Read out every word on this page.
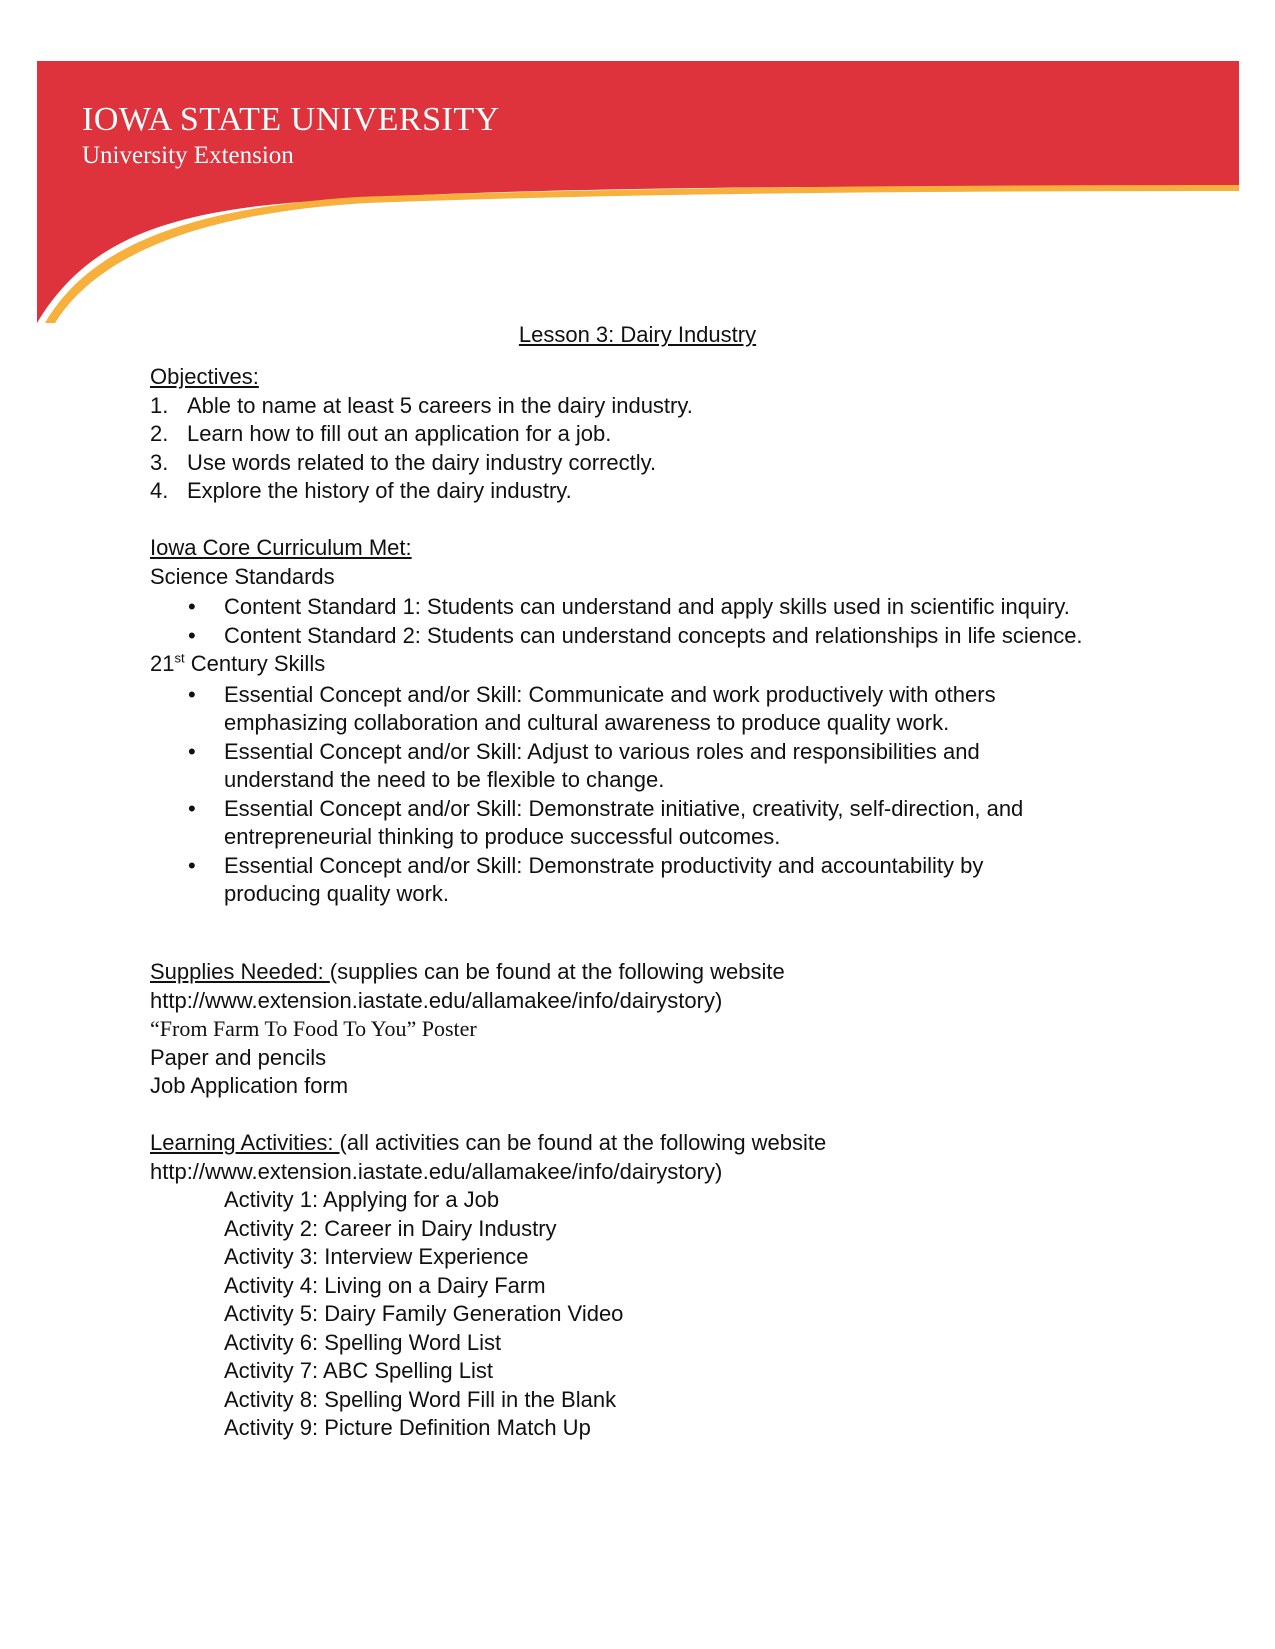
IOWA STATE UNIVERSITY
University Extension
Lesson 3: Dairy Industry
Objectives:
1. Able to name at least 5 careers in the dairy industry.
2. Learn how to fill out an application for a job.
3. Use words related to the dairy industry correctly.
4. Explore the history of the dairy industry.
Iowa Core Curriculum Met:
Science Standards
• Content Standard 1: Students can understand and apply skills used in scientific inquiry.
• Content Standard 2: Students can understand concepts and relationships in life science.
21st Century Skills
• Essential Concept and/or Skill: Communicate and work productively with others
emphasizing collaboration and cultural awareness to produce quality work.
• Essential Concept and/or Skill: Adjust to various roles and responsibilities and
understand the need to be flexible to change.
• Essential Concept and/or Skill: Demonstrate initiative, creativity, self-direction, and
entrepreneurial thinking to produce successful outcomes.
• Essential Concept and/or Skill: Demonstrate productivity and accountability by
producing quality work.
Supplies Needed: (supplies can be found at the following website
http://www.extension.iastate.edu/allamakee/info/dairystory)
“From Farm To Food To You” Poster
Paper and pencils
Job Application form
Learning Activities: (all activities can be found at the following website
http://www.extension.iastate.edu/allamakee/info/dairystory)
Activity 1: Applying for a Job
Activity 2: Career in Dairy Industry
Activity 3: Interview Experience
Activity 4: Living on a Dairy Farm
Activity 5: Dairy Family Generation Video
Activity 6: Spelling Word List
Activity 7: ABC Spelling List
Activity 8: Spelling Word Fill in the Blank
Activity 9: Picture Definition Match Up
